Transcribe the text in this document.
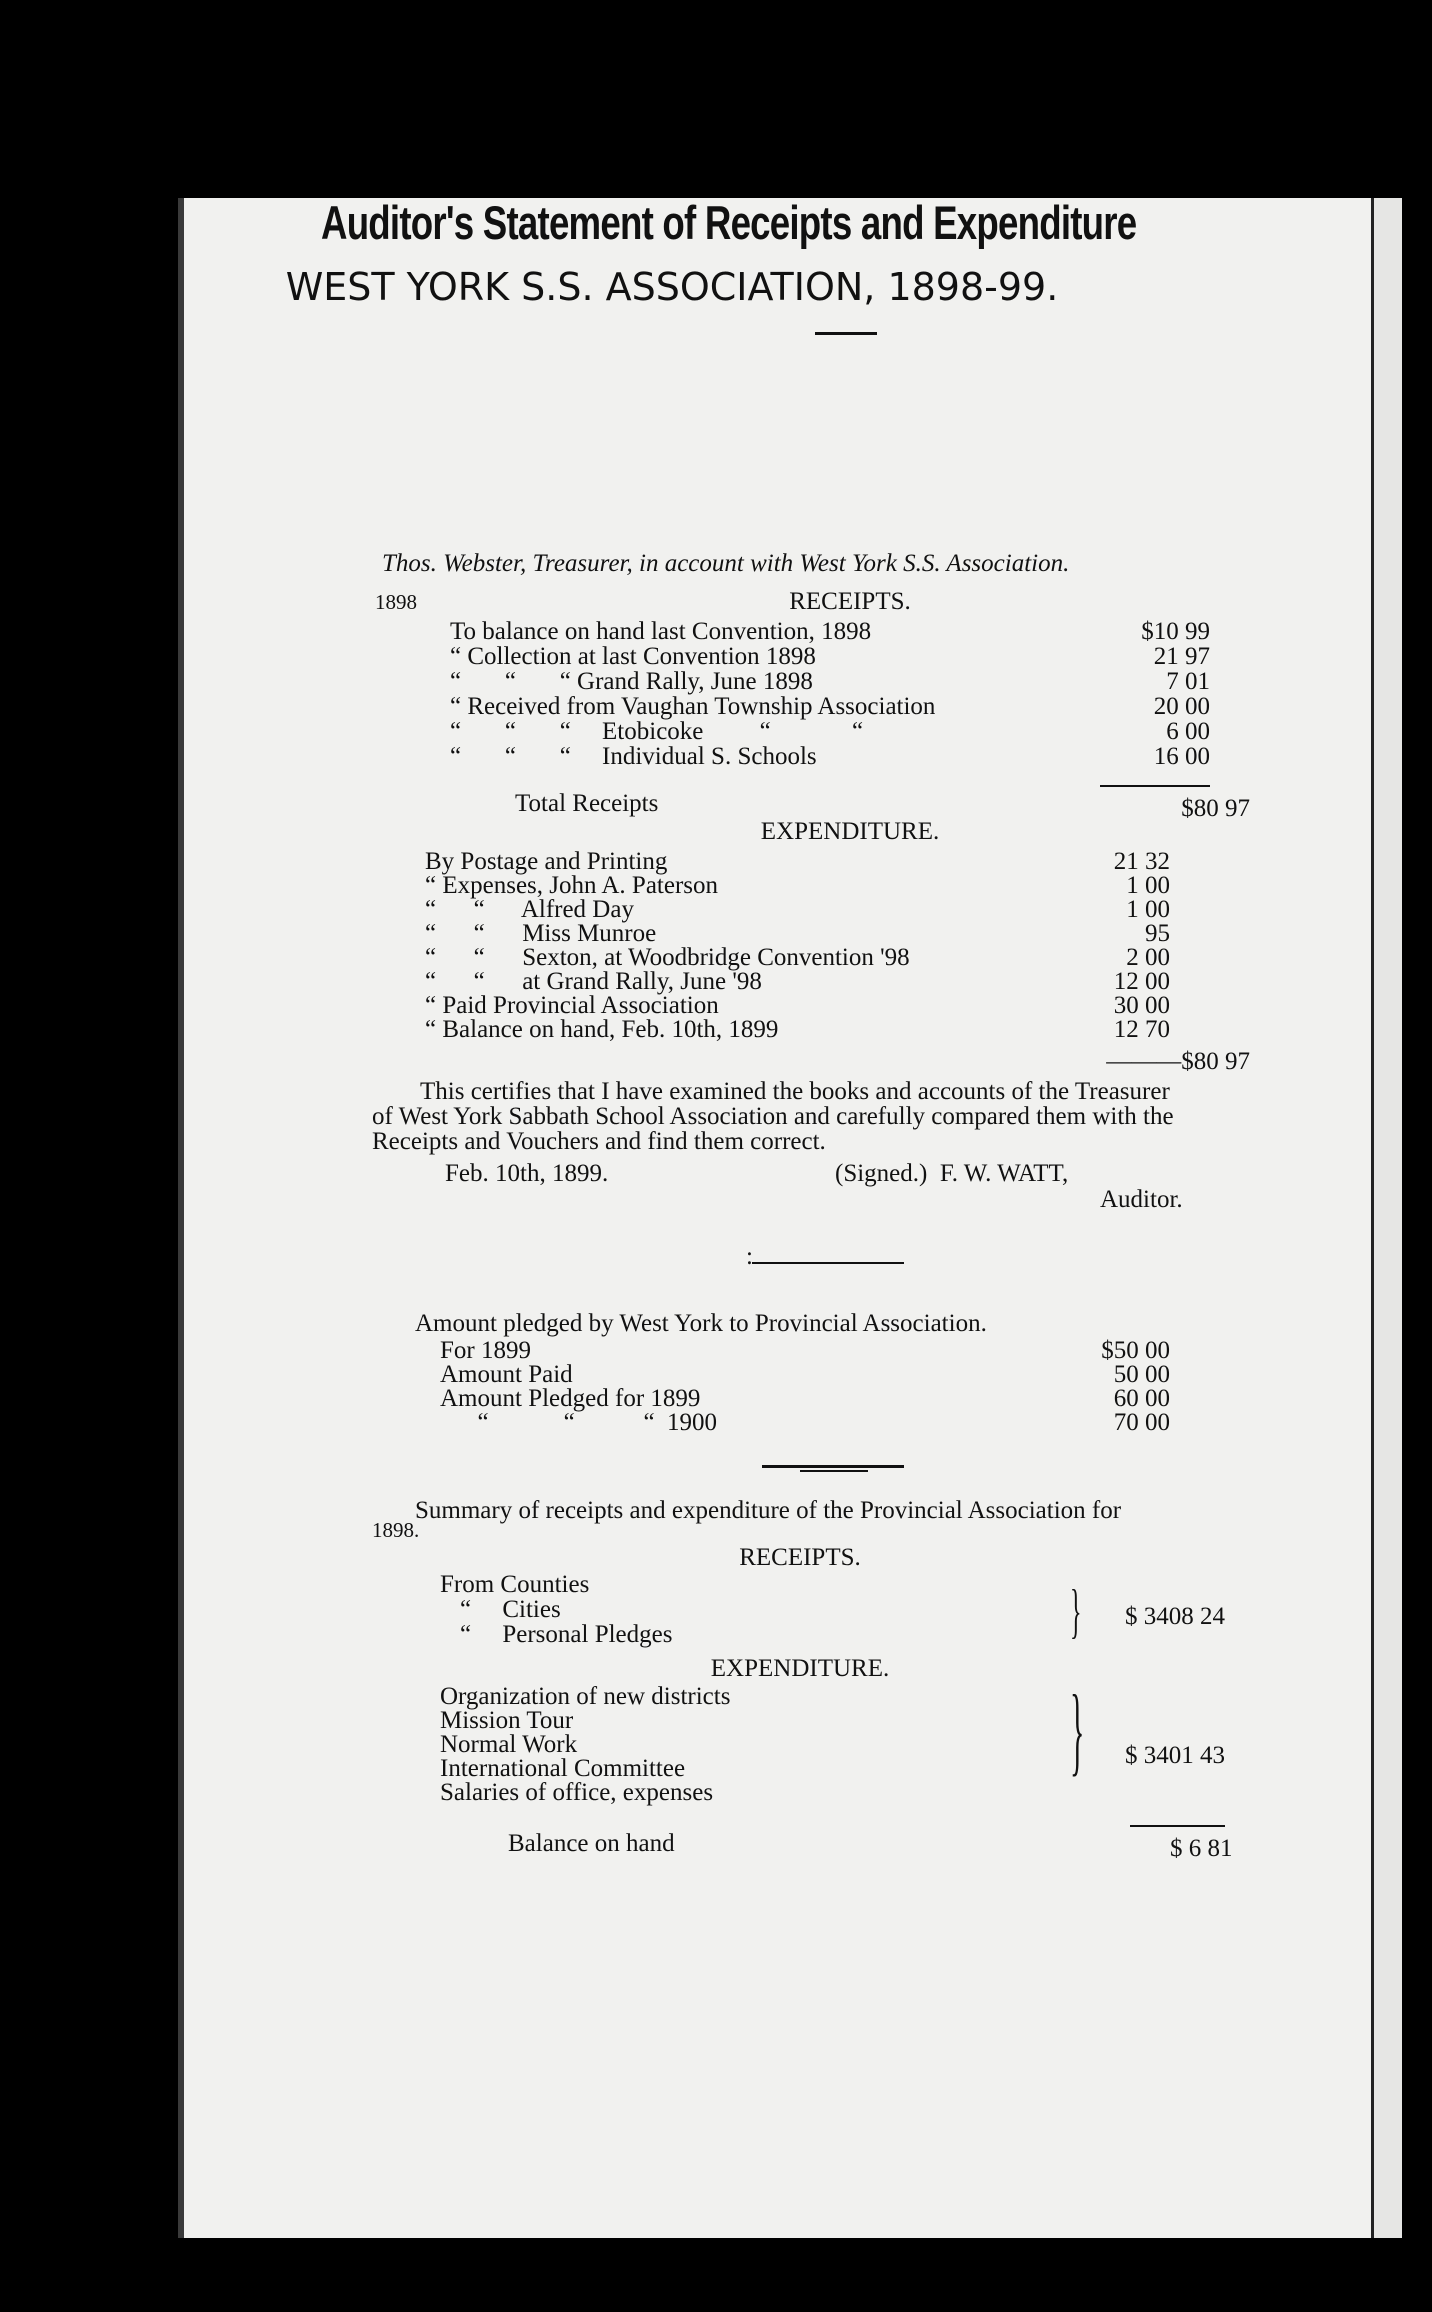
Auditor's Statement of Receipts and Expenditure
WEST YORK S.S. ASSOCIATION, 1898-99.
Thos. Webster, Treasurer, in account with West York S.S. Association.
1898	RECEIPTS.
To balance on hand last Convention, 1898	$10 99
“ Collection at last Convention 1898	21 97
“       “       “ Grand Rally, June 1898	7 01
“ Received from Vaughan Township Association	20 00
“       “       “     Etobicoke         “             “	6 00
“       “       “     Individual S. Schools	16 00
Total Receipts	$80 97
EXPENDITURE.
By Postage and Printing	21 32
“ Expenses, John A. Paterson	1 00
“      “      Alfred Day	1 00
“      “      Miss Munroe	95
“      “      Sexton, at Woodbridge Convention '98	2 00
“      “      at Grand Rally, June '98	12 00
“ Paid Provincial Association	30 00
“ Balance on hand, Feb. 10th, 1899	12 70
———$80 97
This certifies that I have examined the books and accounts of the Treasurer
of West York Sabbath School Association and carefully compared them with the
Receipts and Vouchers and find them correct.
Feb. 10th, 1899.	(Signed.)  F. W. WATT,
Auditor.
:
Amount pledged by West York to Provincial Association.
For 1899	$50 00
Amount Paid	50 00
Amount Pledged for 1899	60 00
“            “           “  1900	70 00
Summary of receipts and expenditure of the Provincial Association for
1898.
RECEIPTS.
From Counties
“     Cities
“     Personal Pledges	} $ 3408 24
EXPENDITURE.
Organization of new districts
Mission Tour
Normal Work
International Committee
Salaries of office, expenses
} $ 3401 43
Balance on hand	$ 6 81
